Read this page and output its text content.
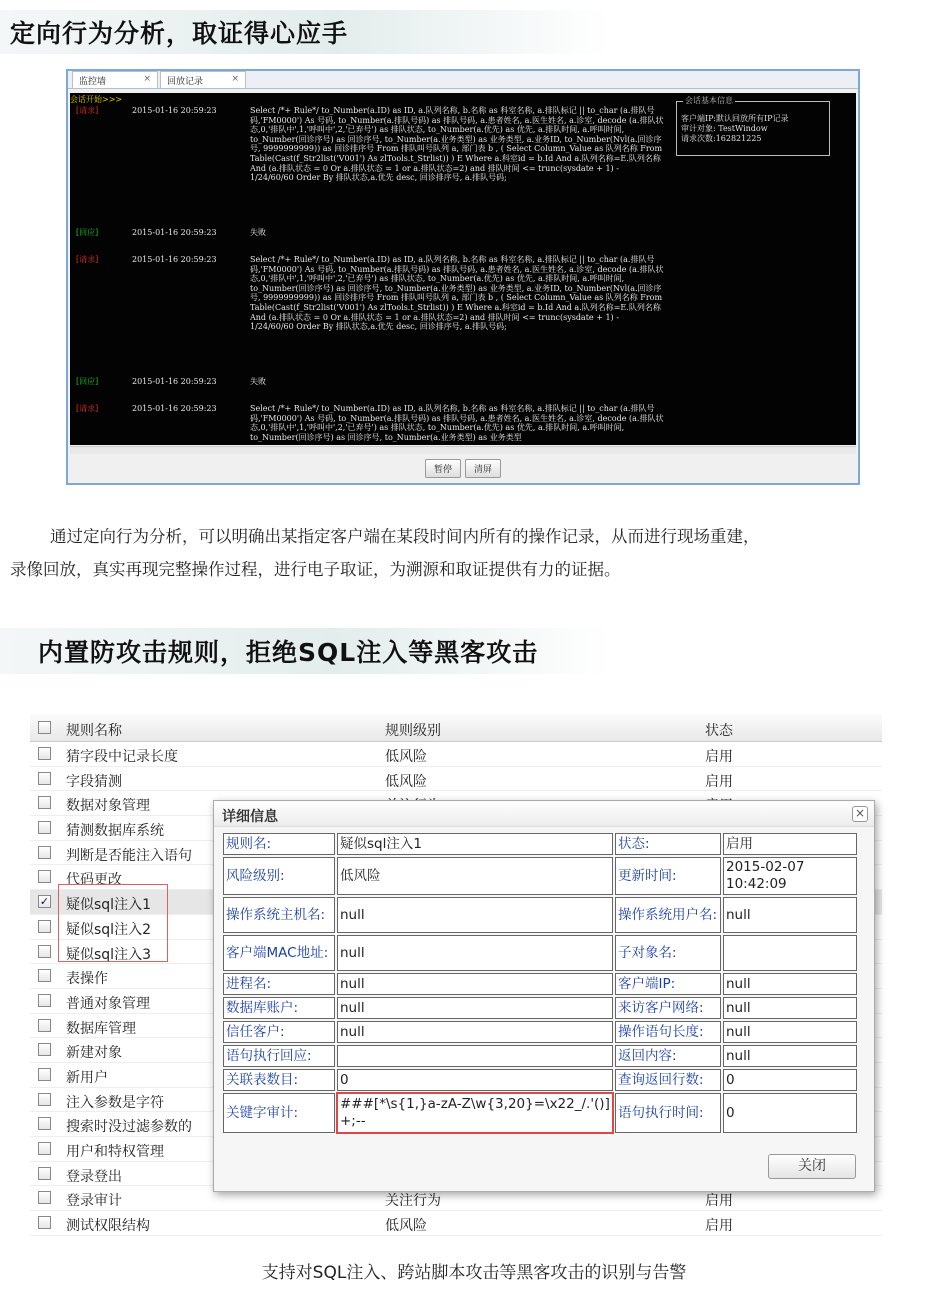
定向行为分析，取证得心应手
监控墙	× 回放记录	×
会话开始>>>
[请求]	2015-01-16 20:59:23	Select /*+ Rule*/ to_Number(a.ID) as ID, a.队列名称, b.名称 as 科室名称, a.排队标记 || to_char (a.排队号码,'FM0000') As 号码, to_Number(a.排队号码) as 排队号码, a.患者姓名, a.医生姓名, a.诊室, decode (a.排队状态,0,'排队中',1,'呼叫中',2,'已弃号') as 排队状态, to_Number(a.优先) as 优先, a.排队时间, a.呼叫时间, to_Number(回诊序号) as 回诊序号, to_Number(a.业务类型) as 业务类型, a.业务ID, to_Number(Nvl(a.回诊序号, 9999999999)) as 回诊排序号 From 排队叫号队列 a, 部门表 b , ( Select Column_Value as 队列名称 From Table(Cast(f_Str2list('V001') As zlTools.t_Strlist)) ) E Where a.科室id = b.Id And a.队列名称=E.队列名称 And (a.排队状态 = 0 Or a.排队状态 = 1 or a.排队状态=2) and 排队时间 <= trunc(sysdate + 1) - 1/24/60/60 Order By 排队状态,a.优先 desc, 回诊排序号, a.排队号码;
[回应]	2015-01-16 20:59:23	失败
[请求]	2015-01-16 20:59:23	Select /*+ Rule*/ to_Number(a.ID) as ID, a.队列名称, b.名称 as 科室名称, a.排队标记 || to_char (a.排队号码,'FM0000') As 号码, to_Number(a.排队号码) as 排队号码, a.患者姓名, a.医生姓名, a.诊室, decode (a.排队状态,0,'排队中',1,'呼叫中',2,'已弃号') as 排队状态, to_Number(a.优先) as 优先, a.排队时间, a.呼叫时间, to_Number(回诊序号) as 回诊序号, to_Number(a.业务类型) as 业务类型, a.业务ID, to_Number(Nvl(a.回诊序号, 9999999999)) as 回诊排序号 From 排队叫号队列 a, 部门表 b , ( Select Column_Value as 队列名称 From Table(Cast(f_Str2list('V001') As zlTools.t_Strlist)) ) E Where a.科室id = b.Id And a.队列名称=E.队列名称 And (a.排队状态 = 0 Or a.排队状态 = 1 or a.排队状态=2) and 排队时间 <= trunc(sysdate + 1) - 1/24/60/60 Order By 排队状态,a.优先 desc, 回诊排序号, a.排队号码;
[回应]	2015-01-16 20:59:23	失败
[请求]	2015-01-16 20:59:23	Select /*+ Rule*/ to_Number(a.ID) as ID, a.队列名称, b.名称 as 科室名称, a.排队标记 || to_char (a.排队号码,'FM0000') As 号码, to_Number(a.排队号码) as 排队号码, a.患者姓名, a.医生姓名, a.诊室, decode (a.排队状态,0,'排队中',1,'呼叫中',2,'已弃号') as 排队状态, to_Number(a.优先) as 优先, a.排队时间, a.呼叫时间, to_Number(回诊序号) as 回诊序号, to_Number(a.业务类型) as 业务类型
会话基本信息
客户端IP:默认回放所有IP记录
审计对象: TestWindow
请求次数:162821225
暂停	清屏
通过定向行为分析，可以明确出某指定客户端在某段时间内所有的操作记录，从而进行现场重建，
录像回放，真实再现完整操作过程，进行电子取证，为溯源和取证提供有力的证据。
内置防攻击规则，拒绝SQL注入等黑客攻击
规则名称	规则级别	状态
猜字段中记录长度	低风险	启用
字段猜测	低风险	启用
数据对象管理
猜测数据库系统
判断是否能注入语句
代码更改
✓ 疑似sql注入1
疑似sql注入2
疑似sql注入3
表操作
普通对象管理
数据库管理
新建对象
新用户
注入参数是字符
搜索时没过滤参数的
用户和特权管理
登录登出
登录审计	关注行为	启用
测试权限结构	低风险	启用
详细信息	×
规则名:	疑似sql注入1	状态:	启用
风险级别:	低风险	更新时间:	2015-02-07 10:42:09
操作系统主机名:	null	操作系统用户名:	null
客户端MAC地址:	null	子对象名:	
进程名:	null	客户端IP:	null
数据库账户:	null	来访客户网络:	null
信任客户:	null	操作语句长度:	null
语句执行回应:		返回内容:	null
关联表数目:	0	查询返回行数:	0
关键字审计:	###[*\s{1,}a-zA-Z\w{3,20}=\x22_/.'()]+;--	语句执行时间:	0
关闭
支持对SQL注入、跨站脚本攻击等黑客攻击的识别与告警
